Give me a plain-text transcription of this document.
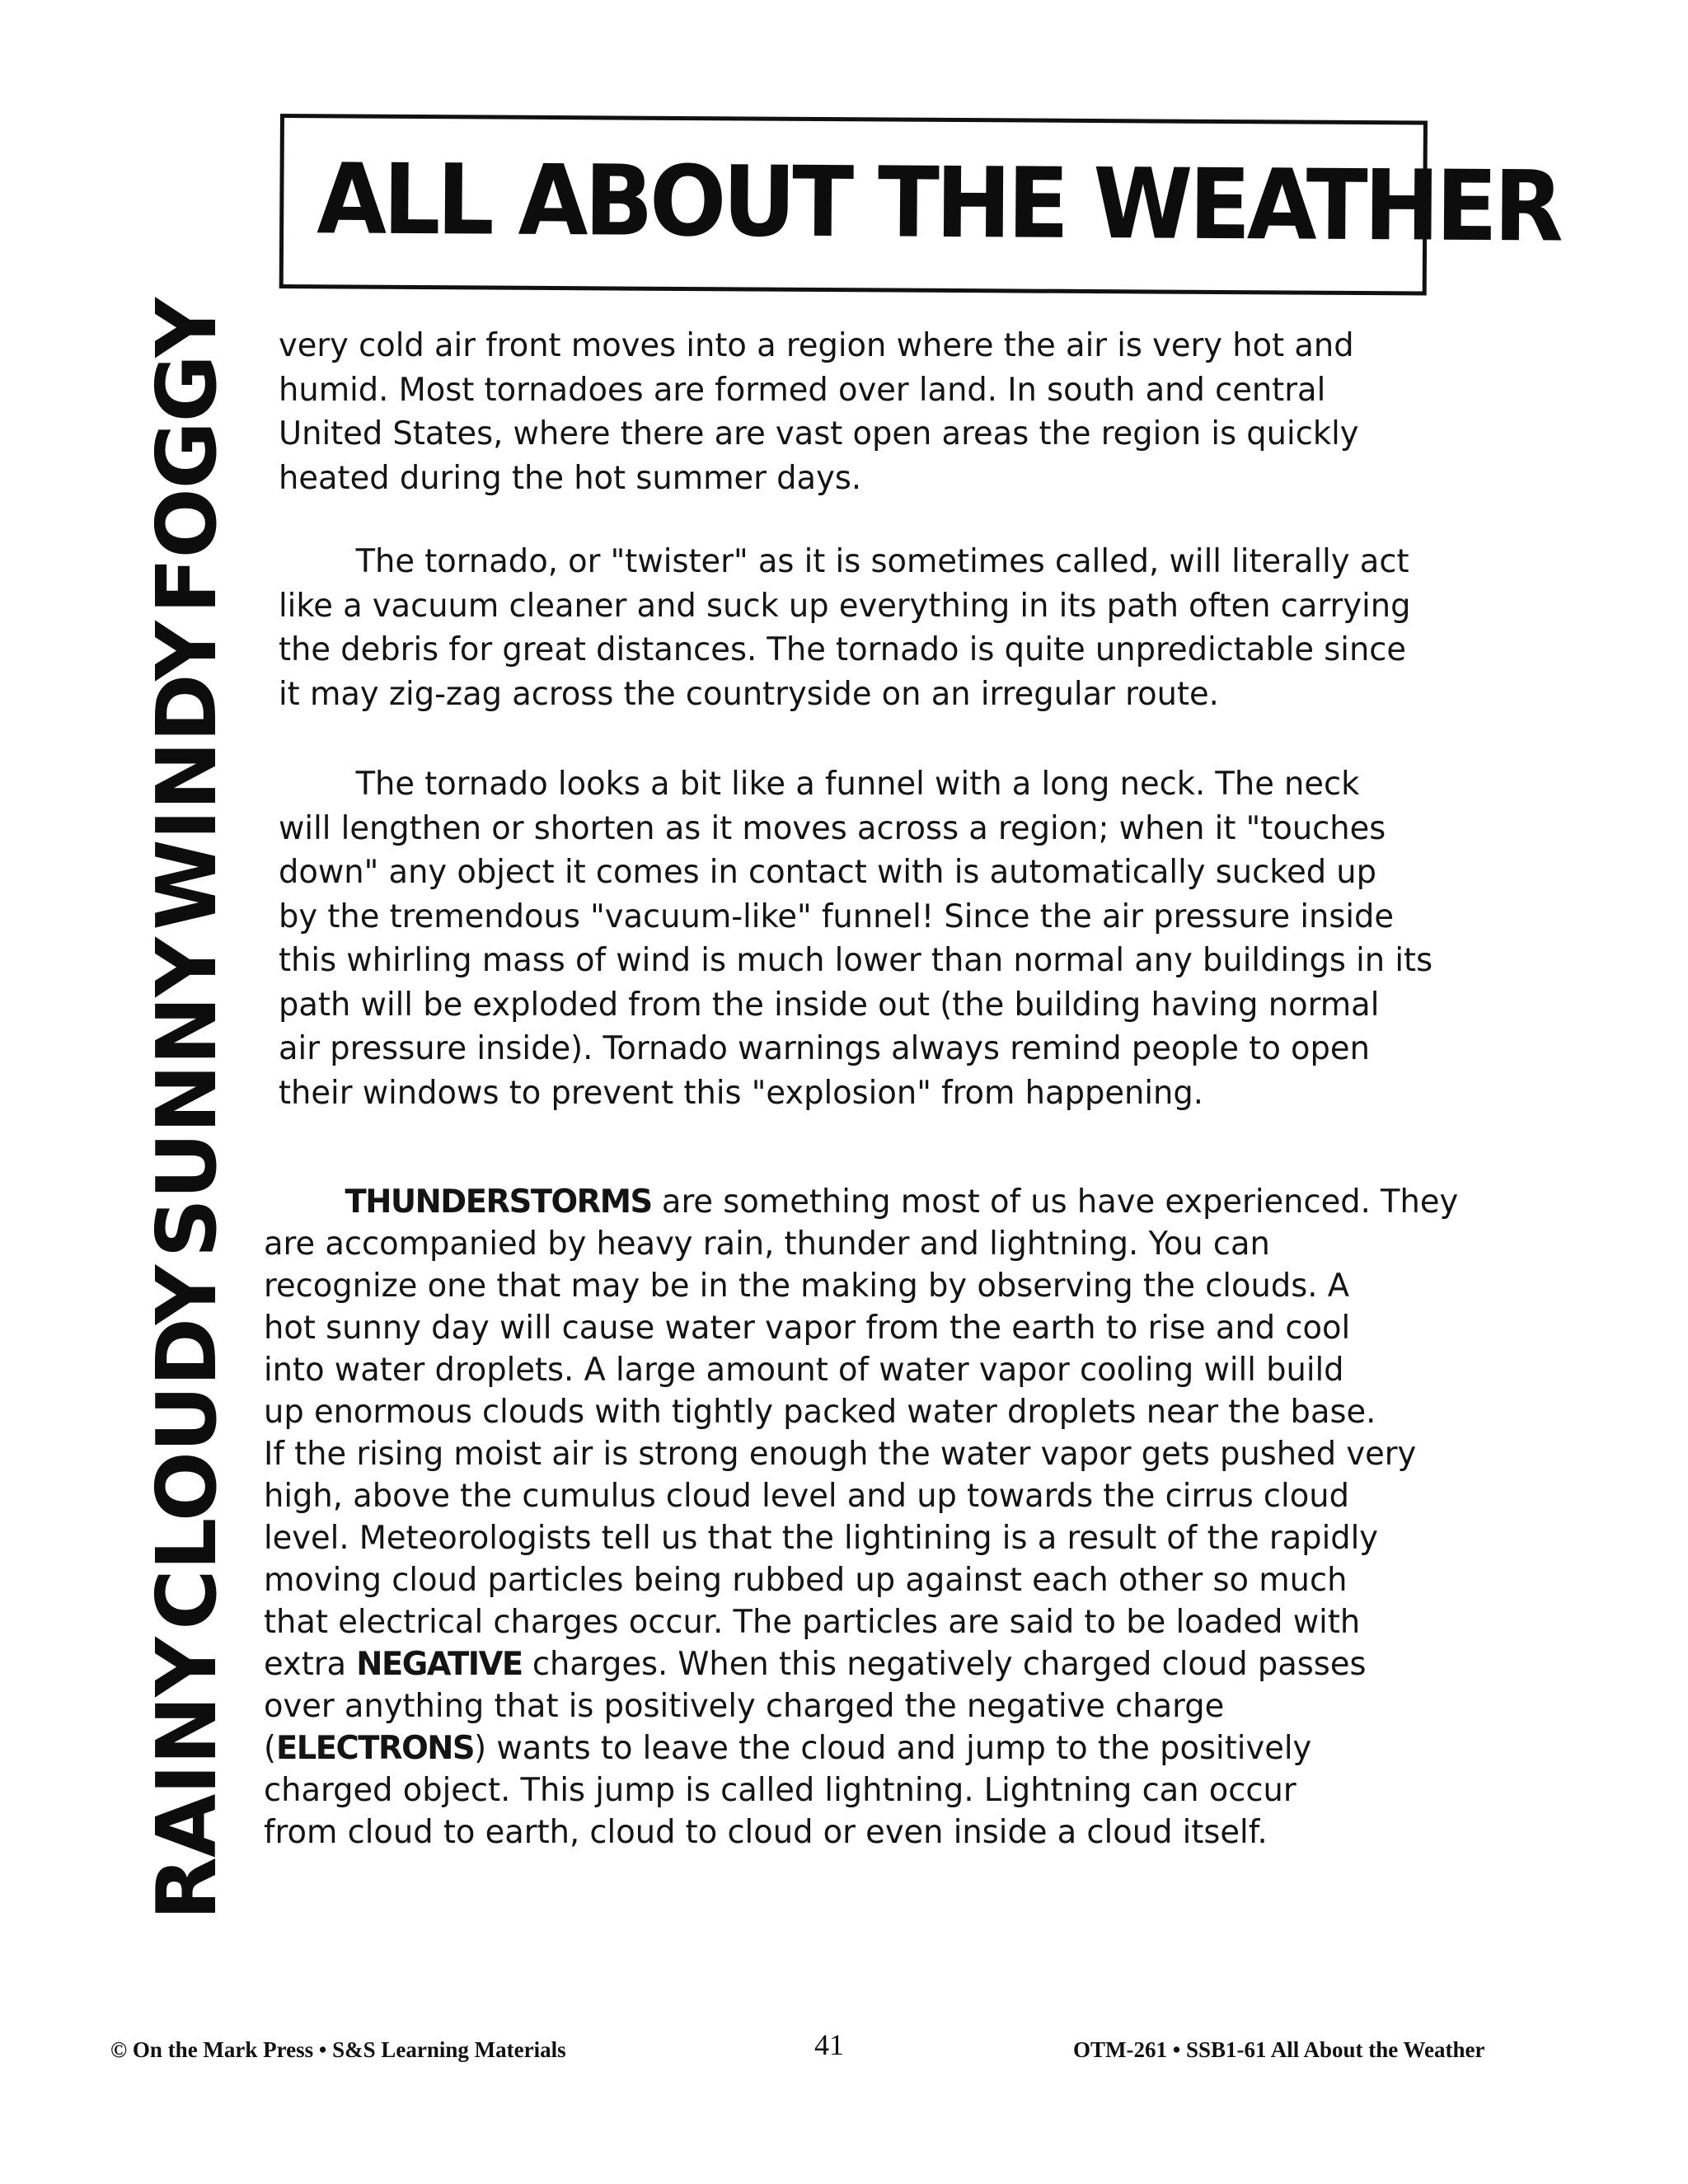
ALL ABOUT THE WEATHER
RAINY
CLOUDY
SUNNY
WINDY
FOGGY very cold air front moves into a region where the air is very hot and
humid. Most tornadoes are formed over land. In south and central
United States, where there are vast open areas the region is quickly
heated during the hot summer days.
The tornado, or "twister" as it is sometimes called, will literally act
like a vacuum cleaner and suck up everything in its path often carrying
the debris for great distances. The tornado is quite unpredictable since
it may zig-zag across the countryside on an irregular route.
The tornado looks a bit like a funnel with a long neck. The neck
will lengthen or shorten as it moves across a region; when it "touches
down" any object it comes in contact with is automatically sucked up
by the tremendous "vacuum-like" funnel! Since the air pressure inside
this whirling mass of wind is much lower than normal any buildings in its
path will be exploded from the inside out (the building having normal
air pressure inside). Tornado warnings always remind people to open
their windows to prevent this "explosion" from happening.
THUNDERSTORMS are something most of us have experienced. They
are accompanied by heavy rain, thunder and lightning. You can
recognize one that may be in the making by observing the clouds. A
hot sunny day will cause water vapor from the earth to rise and cool
into water droplets. A large amount of water vapor cooling will build
up enormous clouds with tightly packed water droplets near the base.
If the rising moist air is strong enough the water vapor gets pushed very
high, above the cumulus cloud level and up towards the cirrus cloud
level. Meteorologists tell us that the lightining is a result of the rapidly
moving cloud particles being rubbed up against each other so much
that electrical charges occur. The particles are said to be loaded with
extra NEGATIVE charges. When this negatively charged cloud passes
over anything that is positively charged the negative charge
(ELECTRONS) wants to leave the cloud and jump to the positively
charged object. This jump is called lightning. Lightning can occur
from cloud to earth, cloud to cloud or even inside a cloud itself.
© On the Mark Press • S&S Learning Materials	41	OTM-261 • SSB1-61 All About the Weather
